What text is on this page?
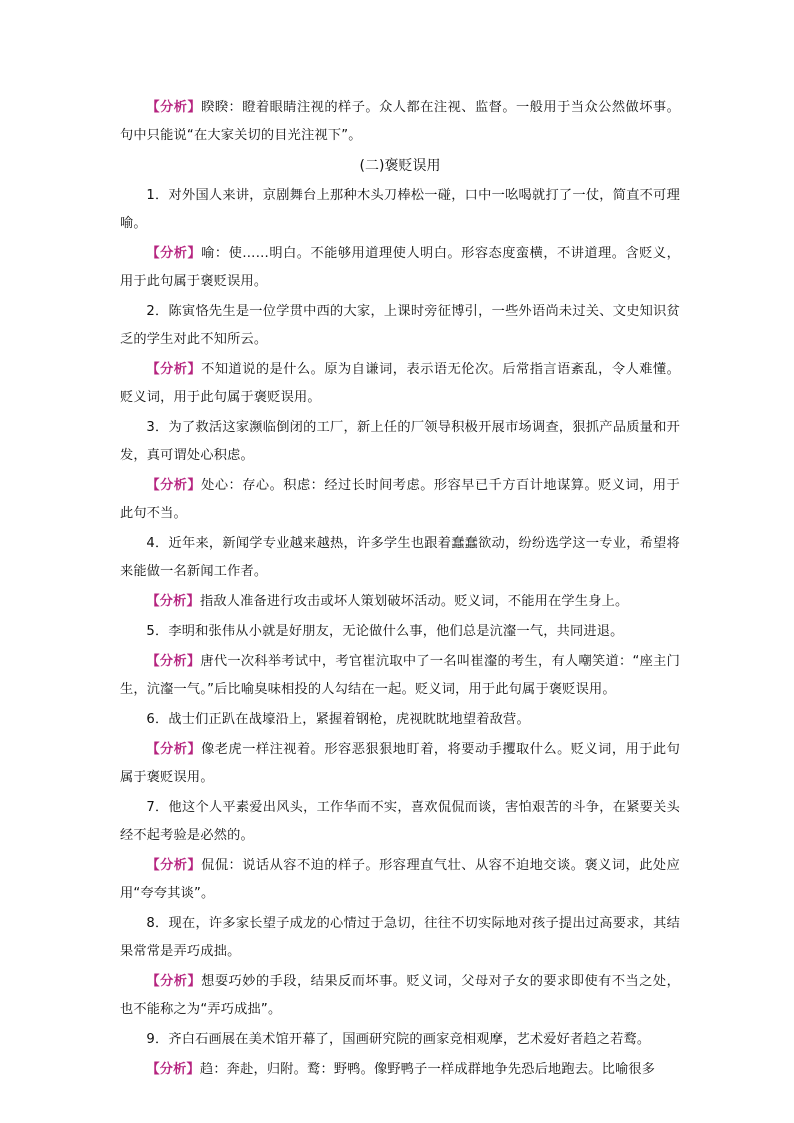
【分析】睽睽：瞪着眼睛注视的样子。众人都在注视、监督。一般用于当众公然做坏事。句中只能说“在大家关切的目光注视下”。

(二)褒贬误用

1．对外国人来讲，京剧舞台上那种木头刀棒松一碰，口中一吆喝就打了一仗，简直不可理喻。

【分析】喻：使……明白。不能够用道理使人明白。形容态度蛮横，不讲道理。含贬义，用于此句属于褒贬误用。

2．陈寅恪先生是一位学贯中西的大家，上课时旁征博引，一些外语尚未过关、文史知识贫乏的学生对此不知所云。

【分析】不知道说的是什么。原为自谦词，表示语无伦次。后常指言语紊乱，令人难懂。贬义词，用于此句属于褒贬误用。

3．为了救活这家濒临倒闭的工厂，新上任的厂领导积极开展市场调查，狠抓产品质量和开发，真可谓处心积虑。

【分析】处心：存心。积虑：经过长时间考虑。形容早已千方百计地谋算。贬义词，用于此句不当。

4．近年来，新闻学专业越来越热，许多学生也跟着蠢蠢欲动，纷纷选学这一专业，希望将来能做一名新闻工作者。

【分析】指敌人准备进行攻击或坏人策划破坏活动。贬义词，不能用在学生身上。

5．李明和张伟从小就是好朋友，无论做什么事，他们总是沆瀣一气，共同进退。

【分析】唐代一次科举考试中，考官崔沆取中了一名叫崔瀣的考生，有人嘲笑道：“座主门生，沆瀣一气。”后比喻臭味相投的人勾结在一起。贬义词，用于此句属于褒贬误用。

6．战士们正趴在战壕沿上，紧握着钢枪，虎视眈眈地望着敌营。

【分析】像老虎一样注视着。形容恶狠狠地盯着，将要动手攫取什么。贬义词，用于此句属于褒贬误用。

7．他这个人平素爱出风头，工作华而不实，喜欢侃侃而谈，害怕艰苦的斗争，在紧要关头经不起考验是必然的。

【分析】侃侃：说话从容不迫的样子。形容理直气壮、从容不迫地交谈。褒义词，此处应用“夸夸其谈”。

8．现在，许多家长望子成龙的心情过于急切，往往不切实际地对孩子提出过高要求，其结果常常是弄巧成拙。

【分析】想耍巧妙的手段，结果反而坏事。贬义词，父母对子女的要求即使有不当之处，也不能称之为“弄巧成拙”。

9．齐白石画展在美术馆开幕了，国画研究院的画家竞相观摩，艺术爱好者趋之若鹜。

【分析】趋：奔赴，归附。鹜：野鸭。像野鸭子一样成群地争先恐后地跑去。比喻很多
